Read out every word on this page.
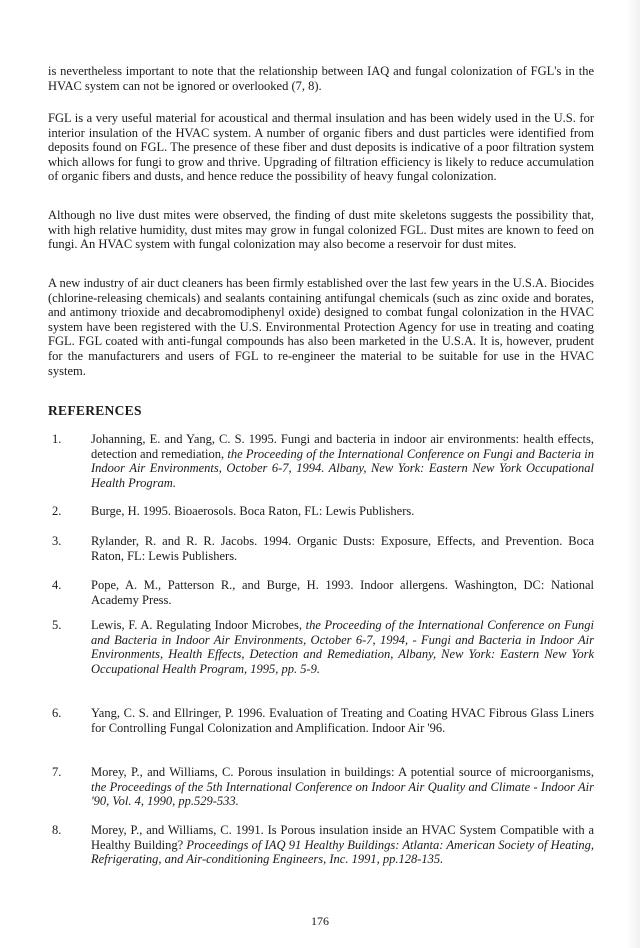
is nevertheless important to note that the relationship between IAQ and fungal colonization of FGL's in the HVAC system can not be ignored or overlooked (7, 8).

FGL is a very useful material for acoustical and thermal insulation and has been widely used in the U.S. for interior insulation of the HVAC system. A number of organic fibers and dust particles were identified from deposits found on FGL. The presence of these fiber and dust deposits is indicative of a poor filtration system which allows for fungi to grow and thrive. Upgrading of filtration efficiency is likely to reduce accumulation of organic fibers and dusts, and hence reduce the possibility of heavy fungal colonization.

Although no live dust mites were observed, the finding of dust mite skeletons suggests the possibility that, with high relative humidity, dust mites may grow in fungal colonized FGL. Dust mites are known to feed on fungi. An HVAC system with fungal colonization may also become a reservoir for dust mites.

A new industry of air duct cleaners has been firmly established over the last few years in the U.S.A. Biocides (chlorine-releasing chemicals) and sealants containing antifungal chemicals (such as zinc oxide and borates, and antimony trioxide and decabromodiphenyl oxide) designed to combat fungal colonization in the HVAC system have been registered with the U.S. Environmental Protection Agency for use in treating and coating FGL. FGL coated with anti-fungal compounds has also been marketed in the U.S.A. It is, however, prudent for the manufacturers and users of FGL to re-engineer the material to be suitable for use in the HVAC system.

REFERENCES
1.	Johanning, E. and Yang, C. S. 1995. Fungi and bacteria in indoor air environments: health effects, detection and remediation, the Proceeding of the International Conference on Fungi and Bacteria in Indoor Air Environments, October 6-7, 1994. Albany, New York: Eastern New York Occupational Health Program.
2.	Burge, H. 1995. Bioaerosols. Boca Raton, FL: Lewis Publishers.
3.	Rylander, R. and R. R. Jacobs. 1994. Organic Dusts: Exposure, Effects, and Prevention. Boca Raton, FL: Lewis Publishers.
4.	Pope, A. M., Patterson R., and Burge, H. 1993. Indoor allergens. Washington, DC: National Academy Press.
5.	Lewis, F. A. Regulating Indoor Microbes, the Proceeding of the International Conference on Fungi and Bacteria in Indoor Air Environments, October 6-7, 1994, - Fungi and Bacteria in Indoor Air Environments, Health Effects, Detection and Remediation, Albany, New York: Eastern New York Occupational Health Program, 1995, pp. 5-9.
6.	Yang, C. S. and Ellringer, P. 1996. Evaluation of Treating and Coating HVAC Fibrous Glass Liners for Controlling Fungal Colonization and Amplification. Indoor Air '96.
7.	Morey, P., and Williams, C. Porous insulation in buildings: A potential source of microorganisms, the Proceedings of the 5th International Conference on Indoor Air Quality and Climate - Indoor Air '90, Vol. 4, 1990, pp.529-533.
8.	Morey, P., and Williams, C. 1991. Is Porous insulation inside an HVAC System Compatible with a Healthy Building? Proceedings of IAQ 91 Healthy Buildings: Atlanta: American Society of Heating, Refrigerating, and Air-conditioning Engineers, Inc. 1991, pp.128-135.
176
